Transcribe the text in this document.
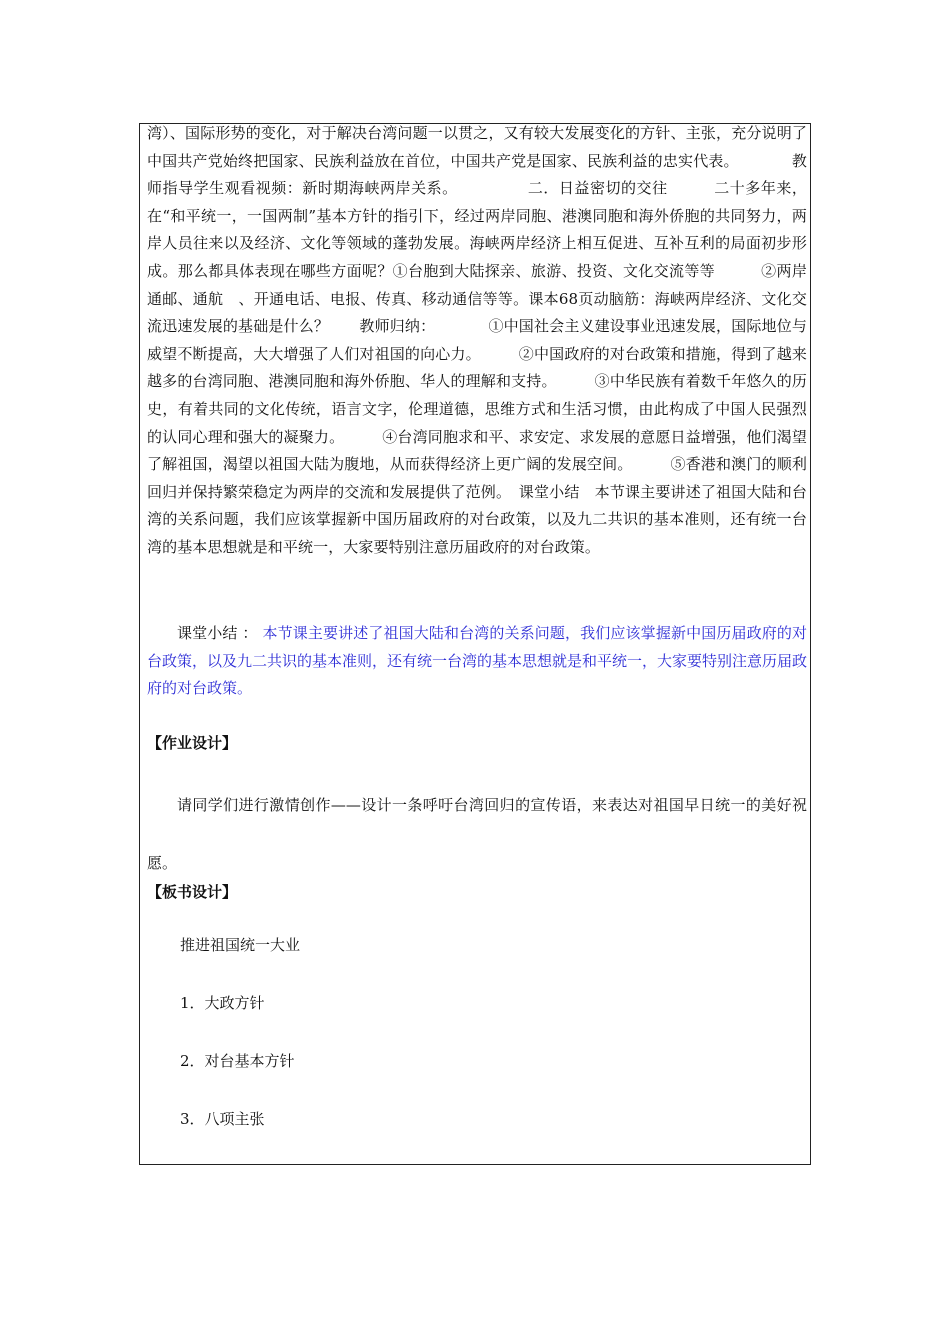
湾）、国际形势的变化，对于解决台湾问题一以贯之，又有较大发展变化的方针、主张，充分说明了中国共产党始终把国家、民族利益放在首位，中国共产党是国家、民族利益的忠实代表。　　　　教师指导学生观看视频：新时期海峡两岸关系。　　　　　二．日益密切的交往　　　二十多年来，在“和平统一，一国两制”基本方针的指引下，经过两岸同胞、港澳同胞和海外侨胞的共同努力，两岸人员往来以及经济、文化等领域的蓬勃发展。海峡两岸经济上相互促进、互补互利的局面初步形成。那么都具体表现在哪些方面呢？①台胞到大陆探亲、旅游、投资、文化交流等等　　　②两岸通邮、通航　、开通电话、电报、传真、移动通信等等。课本68页动脑筋：海峡两岸经济、文化交流迅速发展的基础是什么？　　教师归纳：　　　　①中国社会主义建设事业迅速发展，国际地位与威望不断提高，大大增强了人们对祖国的向心力。　　　②中国政府的对台政策和措施，得到了越来越多的台湾同胞、港澳同胞和海外侨胞、华人的理解和支持。　　　③中华民族有着数千年悠久的历史，有着共同的文化传统，语言文字，伦理道德，思维方式和生活习惯，由此构成了中国人民强烈的认同心理和强大的凝聚力。　　　④台湾同胞求和平、求安定、求发展的意愿日益增强，他们渴望了解祖国，渴望以祖国大陆为腹地，从而获得经济上更广阔的发展空间。　　　⑤香港和澳门的顺利回归并保持繁荣稳定为两岸的交流和发展提供了范例。　课堂小结　本节课主要讲述了祖国大陆和台湾的关系问题，我们应该掌握新中国历届政府的对台政策，以及九二共识的基本准则，还有统一台湾的基本思想就是和平统一，大家要特别注意历届政府的对台政策。

课堂小结 ： 本节课主要讲述了祖国大陆和台湾的关系问题，我们应该掌握新中国历届政府的对台政策，以及九二共识的基本准则，还有统一台湾的基本思想就是和平统一，大家要特别注意历届政府的对台政策。

【作业设计】

请同学们进行激情创作——设计一条呼吁台湾回归的宣传语，来表达对祖国早日统一的美好祝愿。

【板书设计】

推进祖国统一大业

1．大政方针

2．对台基本方针

3．八项主张
